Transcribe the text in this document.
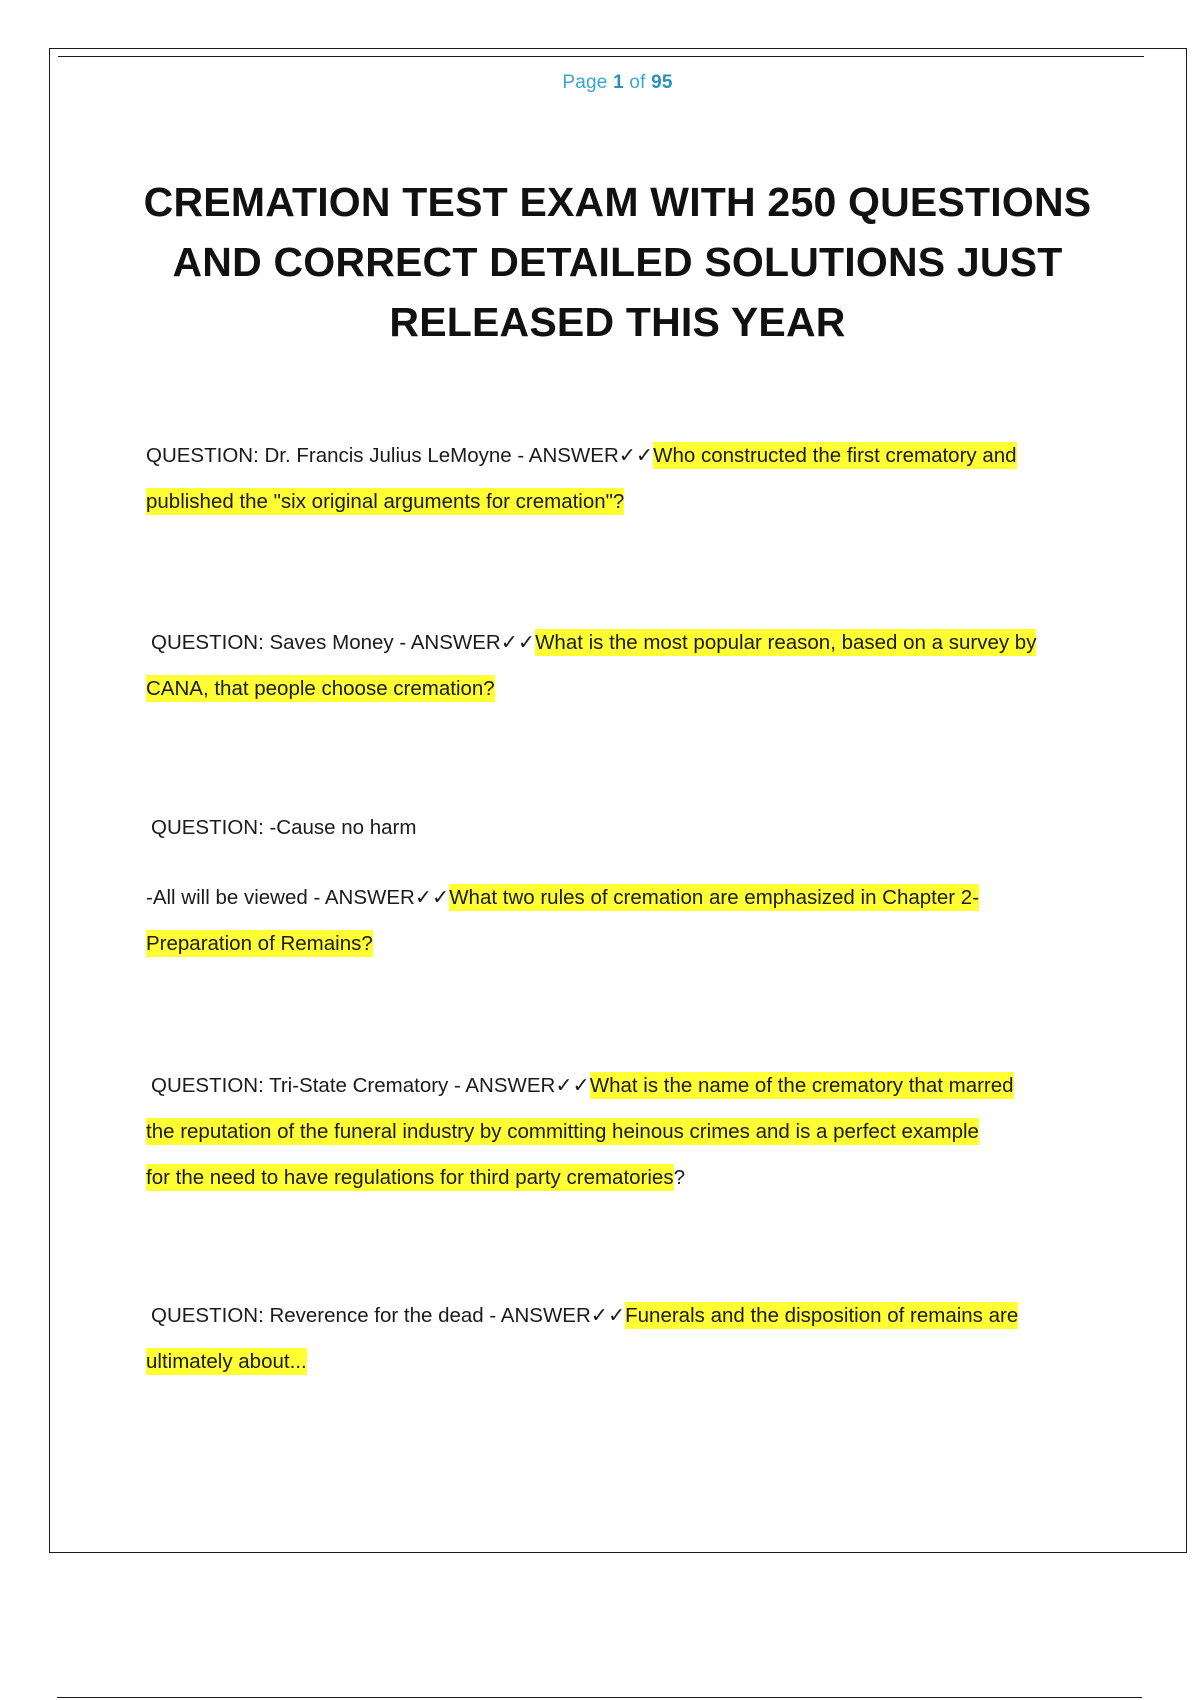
Page 1 of 95
CREMATION TEST EXAM WITH 250 QUESTIONS AND CORRECT DETAILED SOLUTIONS JUST RELEASED THIS YEAR
QUESTION: Dr. Francis Julius LeMoyne - ANSWER✓✓Who constructed the first crematory and
published the "six original arguments for cremation"?
QUESTION: Saves Money - ANSWER✓✓What is the most popular reason, based on a survey by
CANA, that people choose cremation?
QUESTION: -Cause no harm
-All will be viewed - ANSWER✓✓What two rules of cremation are emphasized in Chapter 2-
Preparation of Remains?
QUESTION: Tri-State Crematory - ANSWER✓✓What is the name of the crematory that marred
the reputation of the funeral industry by committing heinous crimes and is a perfect example
for the need to have regulations for third party crematories?
QUESTION: Reverence for the dead - ANSWER✓✓Funerals and the disposition of remains are
ultimately about...
